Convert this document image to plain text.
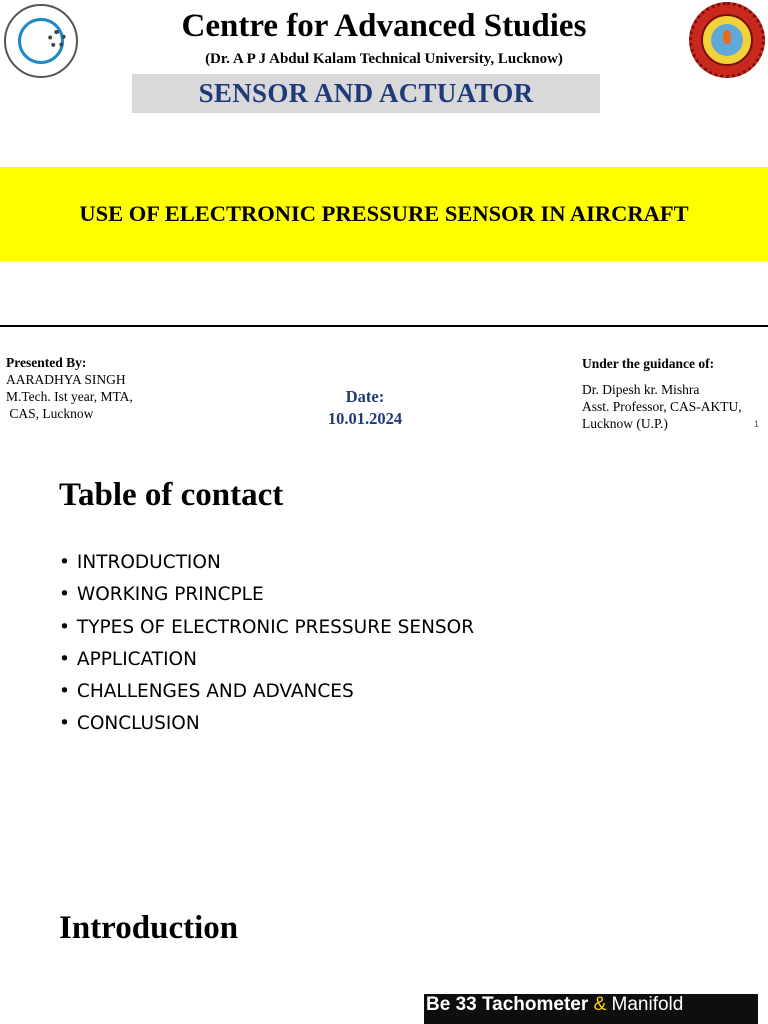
Centre for Advanced Studies
(Dr. A P J Abdul Kalam Technical University, Lucknow)
SENSOR AND ACTUATOR
USE OF ELECTRONIC PRESSURE SENSOR IN AIRCRAFT
Presented By:
AARADHYA SINGH
M.Tech. Ist year, MTA,
CAS, Lucknow
Date:
10.01.2024
Under the guidance of:
Dr. Dipesh kr. Mishra
Asst. Professor, CAS-AKTU,
Lucknow (U.P.)	1
Table of contact
• INTRODUCTION
• WORKING PRINCPLE
• TYPES OF ELECTRONIC PRESSURE SENSOR
• APPLICATION
• CHALLENGES AND ADVANCES
• CONCLUSION
Introduction
Be 33 Tachometer & Manifold
